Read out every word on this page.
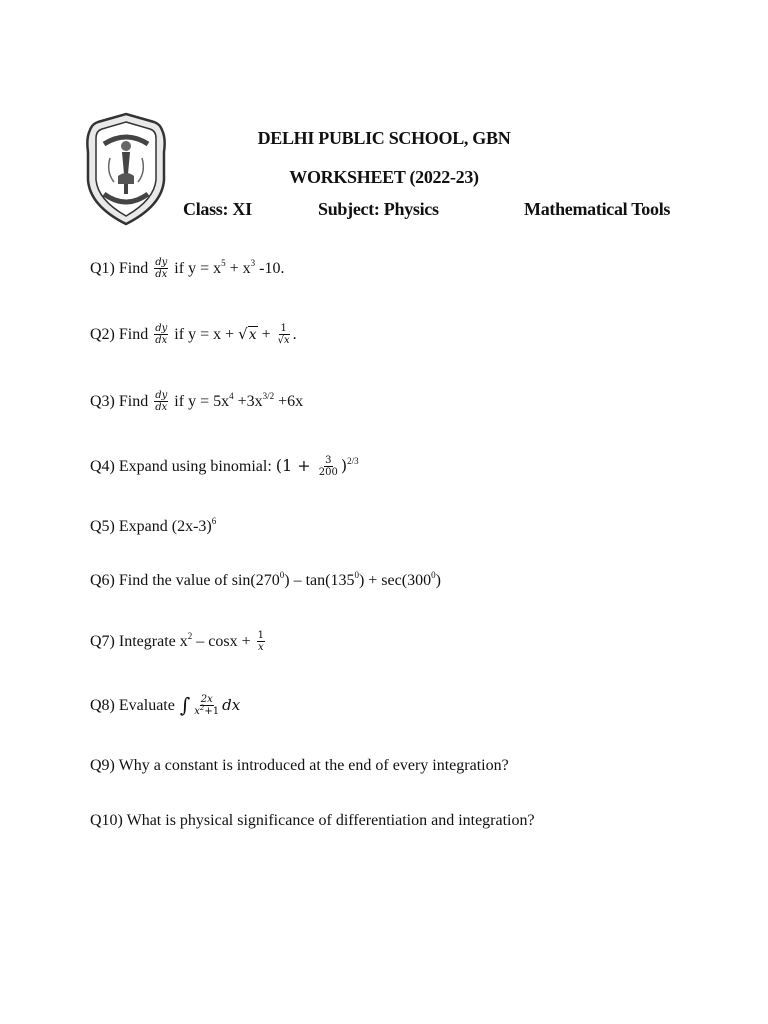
DELHI PUBLIC SCHOOL, GBN
WORKSHEET (2022-23)
Class: XI	Subject: Physics	Mathematical Tools
Q1) Find $\frac{dy}{dx}$ if $y = x^5 + x^3$ -10.
Q2) Find $\frac{dy}{dx}$ if $y = x + √x + \frac{1}{√x}$ .
Q3) Find $\frac{dy}{dx}$ if $y = 5x^4 +3x^{3/2} +6x$
Q4) Expand using binomial: $(1 + \frac{3}{200} )^{2/3}$
Q5) Expand $(2x-3)^6$
Q6) Find the value of $\sin(270^0) - \tan(135^0) + \sec(300^0)$
Q7) Integrate $x^2 - \cos x + \frac{1}{x}$
Q8) Evaluate ∫ $\frac{2x}{x^2+1}$ dx
Q9) Why a constant is introduced at the end of every integration?
Q10) What is physical significance of differentiation and integration?
